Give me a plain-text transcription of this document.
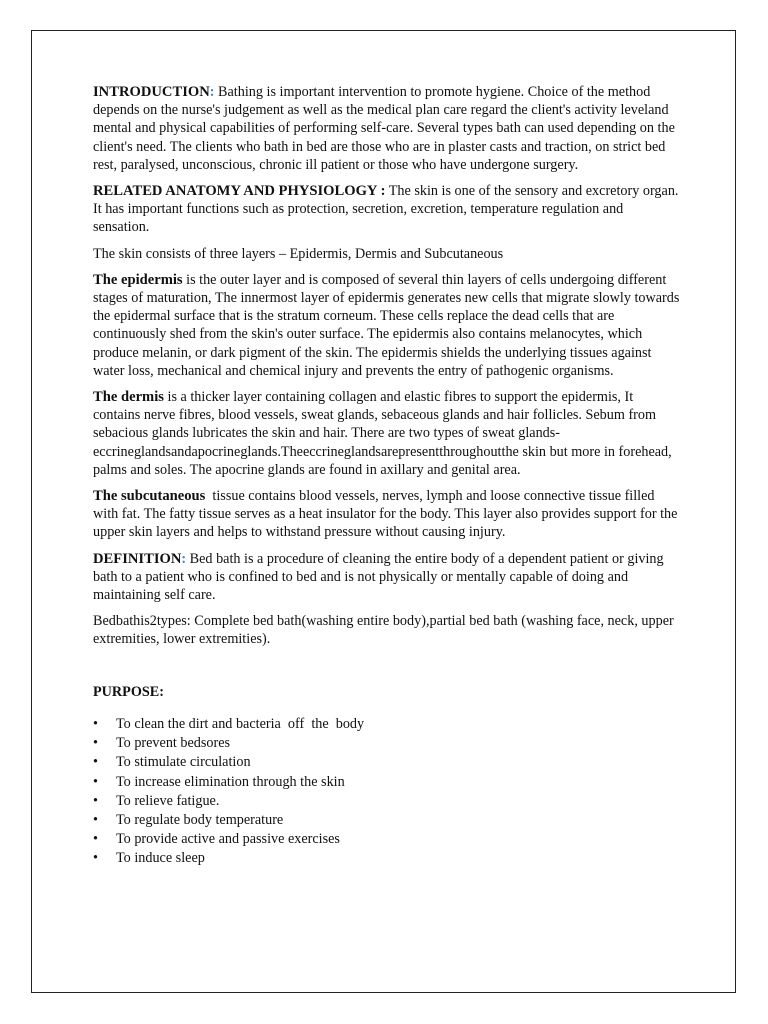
INTRODUCTION: Bathing is important intervention to promote hygiene. Choice of the method depends on the nurse's judgement as well as the medical plan care regard the client's activity leveland mental and physical capabilities of performing self-care. Several types bath can used depending on the client's need. The clients who bath in bed are those who are in plaster casts and traction, on strict bed rest, paralysed, unconscious, chronic ill patient or those who have undergone surgery.

RELATED ANATOMY AND PHYSIOLOGY : The skin is one of the sensory and excretory organ. It has important functions such as protection, secretion, excretion, temperature regulation and sensation.

The skin consists of three layers – Epidermis, Dermis and Subcutaneous

The epidermis is the outer layer and is composed of several thin layers of cells undergoing different stages of maturation, The innermost layer of epidermis generates new cells that migrate slowly towards the epidermal surface that is the stratum corneum. These cells replace the dead cells that are continuously shed from the skin's outer surface. The epidermis also contains melanocytes, which produce melanin, or dark pigment of the skin. The epidermis shields the underlying tissues against water loss, mechanical and chemical injury and prevents the entry of pathogenic organisms.

The dermis is a thicker layer containing collagen and elastic fibres to support the epidermis, It contains nerve fibres, blood vessels, sweat glands, sebaceous glands and hair follicles. Sebum from sebacious glands lubricates the skin and hair. There are two types of sweat glands-eccrineglandsandapocrineglands.Theeccrineglandsarepresentthroughoutthe skin but more in forehead, palms and soles. The apocrine glands are found in axillary and genital area.

The subcutaneous  tissue contains blood vessels, nerves, lymph and loose connective tissue filled with fat. The fatty tissue serves as a heat insulator for the body. This layer also provides support for the upper skin layers and helps to withstand pressure without causing injury.

DEFINITION: Bed bath is a procedure of cleaning the entire body of a dependent patient or giving bath to a patient who is confined to bed and is not physically or mentally capable of doing and maintaining self care.

Bedbathis2types: Complete bed bath(washing entire body),partial bed bath (washing face, neck, upper extremities, lower extremities).

PURPOSE:
• To clean the dirt and bacteria  off  the  body
• To prevent bedsores
• To stimulate circulation
• To increase elimination through the skin
• To relieve fatigue.
• To regulate body temperature
• To provide active and passive exercises
• To induce sleep
